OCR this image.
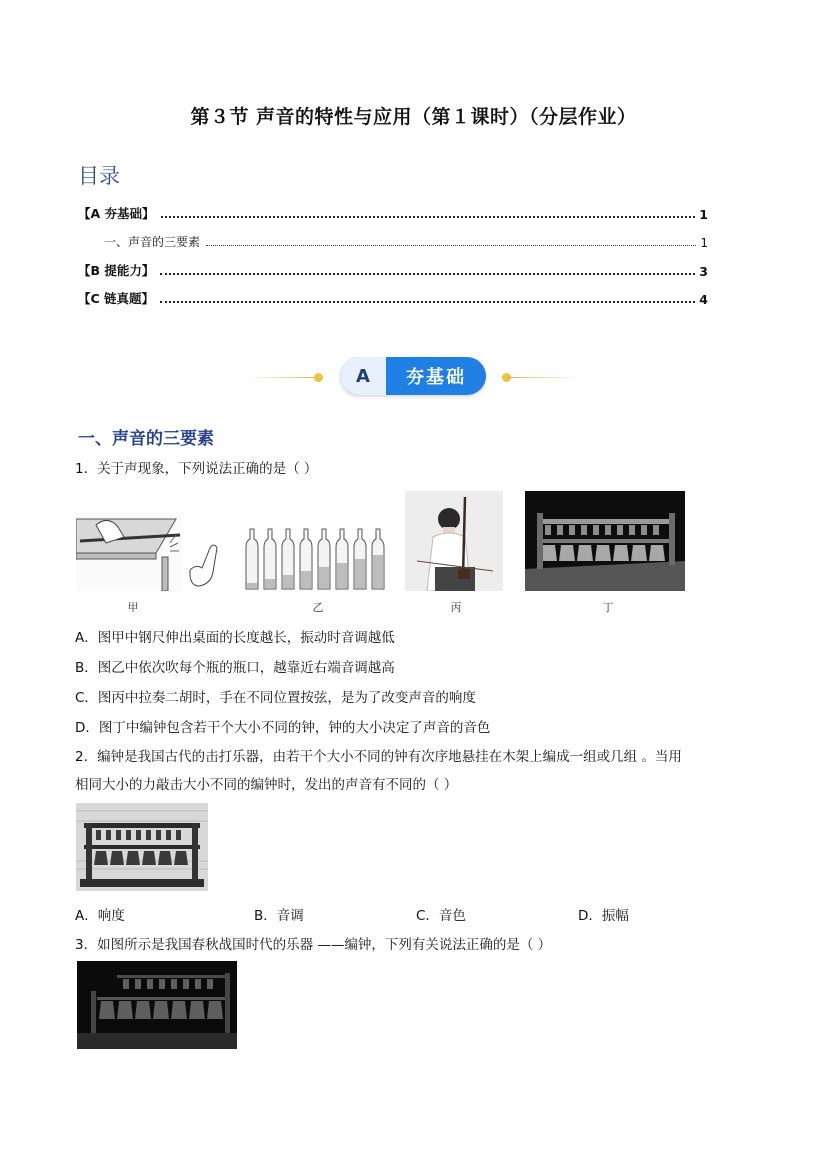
第３节 声音的特性与应用（第１课时）（分层作业）
目录
【A 夯基础】	1
一、声音的三要素	1
【B 提能力】	3
【C 链真题】	4
A	夯基础
一、声音的三要素
1．关于声现象，下列说法正确的是（ ）
甲	乙	丙	丁
A．图甲中钢尺伸出桌面的长度越长，振动时音调越低
B．图乙中依次吹每个瓶的瓶口，越靠近右端音调越高
C．图丙中拉奏二胡时，手在不同位置按弦，是为了改变声音的响度
D．图丁中编钟包含若干个大小不同的钟，钟的大小决定了声音的音色
2．编钟是我国古代的击打乐器，由若干个大小不同的钟有次序地悬挂在木架上编成一组或几组 。当用
相同大小的力敲击大小不同的编钟时，发出的声音有不同的（ ）
A．响度	B．音调	C．音色	D．振幅
3．如图所示是我国春秋战国时代的乐器 ——编钟，下列有关说法正确的是（ ）
